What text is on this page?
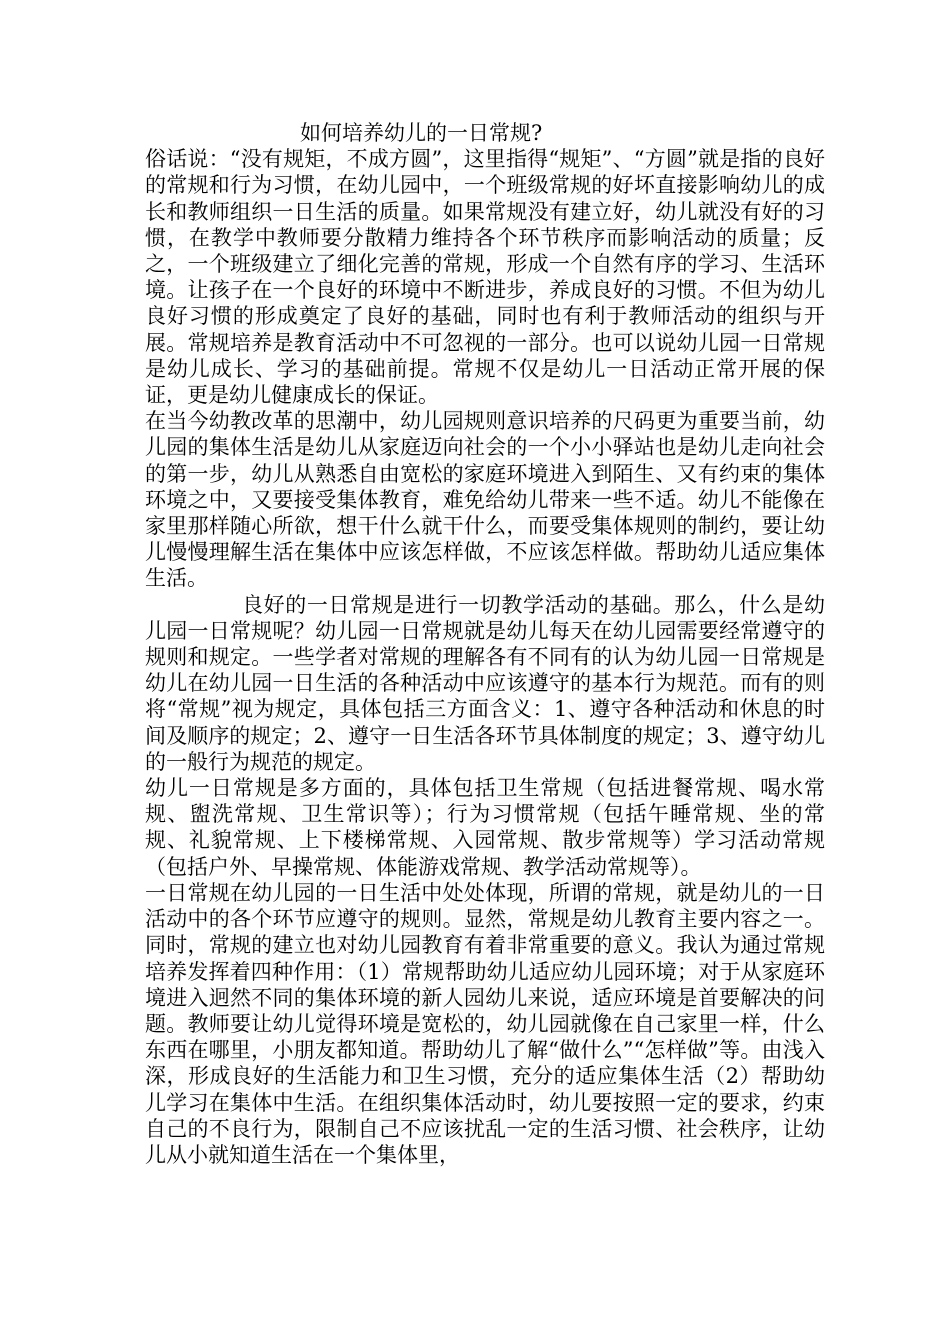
如何培养幼儿的一日常规?

俗话说：“没有规矩，不成方圆”，这里指得“规矩”、“方圆”就是指的良好的常规和行为习惯，在幼儿园中，一个班级常规的好坏直接影响幼儿的成长和教师组织一日生活的质量。如果常规没有建立好，幼儿就没有好的习惯，在教学中教师要分散精力维持各个环节秩序而影响活动的质量；反之，一个班级建立了细化完善的常规，形成一个自然有序的学习、生活环境。让孩子在一个良好的环境中不断进步，养成良好的习惯。不但为幼儿良好习惯的形成奠定了良好的基础，同时也有利于教师活动的组织与开展。常规培养是教育活动中不可忽视的一部分。也可以说幼儿园一日常规是幼儿成长、学习的基础前提。常规不仅是幼儿一日活动正常开展的保证，更是幼儿健康成长的保证。

在当今幼教改革的思潮中，幼儿园规则意识培养的尺码更为重要当前，幼儿园的集体生活是幼儿从家庭迈向社会的一个小小驿站也是幼儿走向社会的第一步，幼儿从熟悉自由宽松的家庭环境进入到陌生、又有约束的集体环境之中，又要接受集体教育，难免给幼儿带来一些不适。幼儿不能像在家里那样随心所欲，想干什么就干什么，而要受集体规则的制约，要让幼儿慢慢理解生活在集体中应该怎样做，不应该怎样做。帮助幼儿适应集体生活。

良好的一日常规是进行一切教学活动的基础。那么，什么是幼儿园一日常规呢？幼儿园一日常规就是幼儿每天在幼儿园需要经常遵守的规则和规定。一些学者对常规的理解各有不同有的认为幼儿园一日常规是幼儿在幼儿园一日生活的各种活动中应该遵守的基本行为规范。而有的则将“常规”视为规定，具体包括三方面含义：1、遵守各种活动和休息的时间及顺序的规定；2、遵守一日生活各环节具体制度的规定；3、遵守幼儿的一般行为规范的规定。

幼儿一日常规是多方面的，具体包括卫生常规（包括进餐常规、喝水常规、盥洗常规、卫生常识等）；行为习惯常规（包括午睡常规、坐的常规、礼貌常规、上下楼梯常规、入园常规、散步常规等）学习活动常规（包括户外、早操常规、体能游戏常规、教学活动常规等）。

一日常规在幼儿园的一日生活中处处体现，所谓的常规，就是幼儿的一日活动中的各个环节应遵守的规则。显然，常规是幼儿教育主要内容之一。同时，常规的建立也对幼儿园教育有着非常重要的意义。我认为通过常规培养发挥着四种作用：（1）常规帮助幼儿适应幼儿园环境；对于从家庭环境进入迥然不同的集体环境的新人园幼儿来说，适应环境是首要解决的问题。教师要让幼儿觉得环境是宽松的，幼儿园就像在自己家里一样，什么东西在哪里，小朋友都知道。帮助幼儿了解“做什么”“怎样做”等。由浅入深，形成良好的生活能力和卫生习惯，充分的适应集体生活（2）帮助幼儿学习在集体中生活。在组织集体活动时，幼儿要按照一定的要求，约束自己的不良行为，限制自己不应该扰乱一定的生活习惯、社会秩序，让幼儿从小就知道生活在一个集体里，
